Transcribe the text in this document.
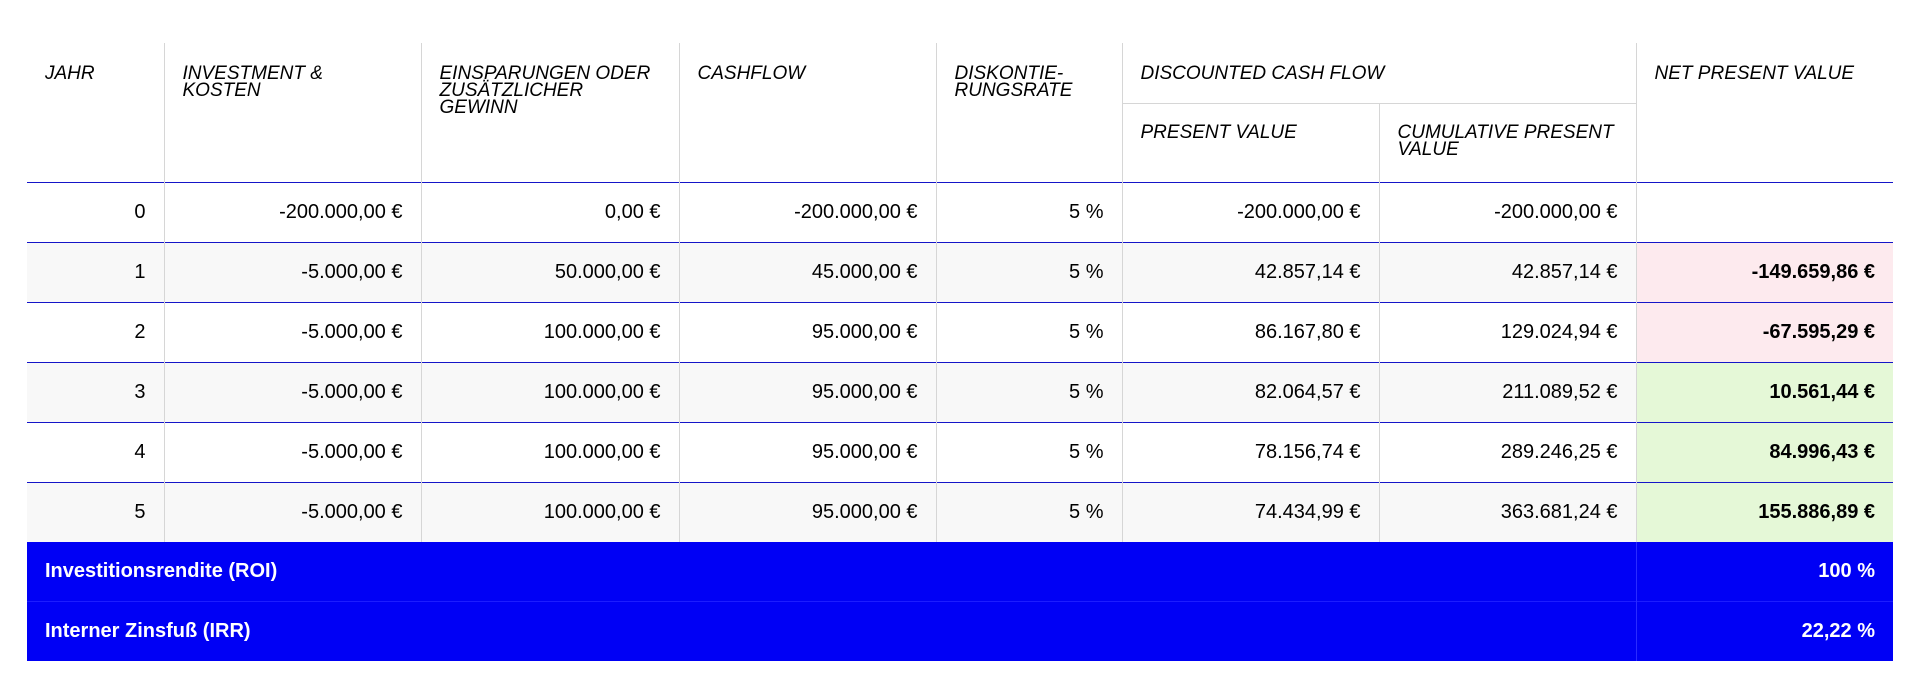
JAHR	INVESTMENT & KOSTEN	EINSPARUNGEN ODER ZUSÄTZLICHER GEWINN	CASHFLOW	DISKONTIE-RUNGSRATE	DISCOUNTED CASH FLOW		NET PRESENT VALUE
					PRESENT VALUE	CUMULATIVE PRESENT VALUE	
0	-200.000,00 €	0,00 €	-200.000,00 €	5 %	-200.000,00 €	-200.000,00 €	
1	-5.000,00 €	50.000,00 €	45.000,00 €	5 %	42.857,14 €	42.857,14 €	-149.659,86 €
2	-5.000,00 €	100.000,00 €	95.000,00 €	5 %	86.167,80 €	129.024,94 €	-67.595,29 €
3	-5.000,00 €	100.000,00 €	95.000,00 €	5 %	82.064,57 €	211.089,52 €	10.561,44 €
4	-5.000,00 €	100.000,00 €	95.000,00 €	5 %	78.156,74 €	289.246,25 €	84.996,43 €
5	-5.000,00 €	100.000,00 €	95.000,00 €	5 %	74.434,99 €	363.681,24 €	155.886,89 €
Investitionsrendite (ROI)							100 %
Interner Zinsfuß (IRR)							22,22 %
